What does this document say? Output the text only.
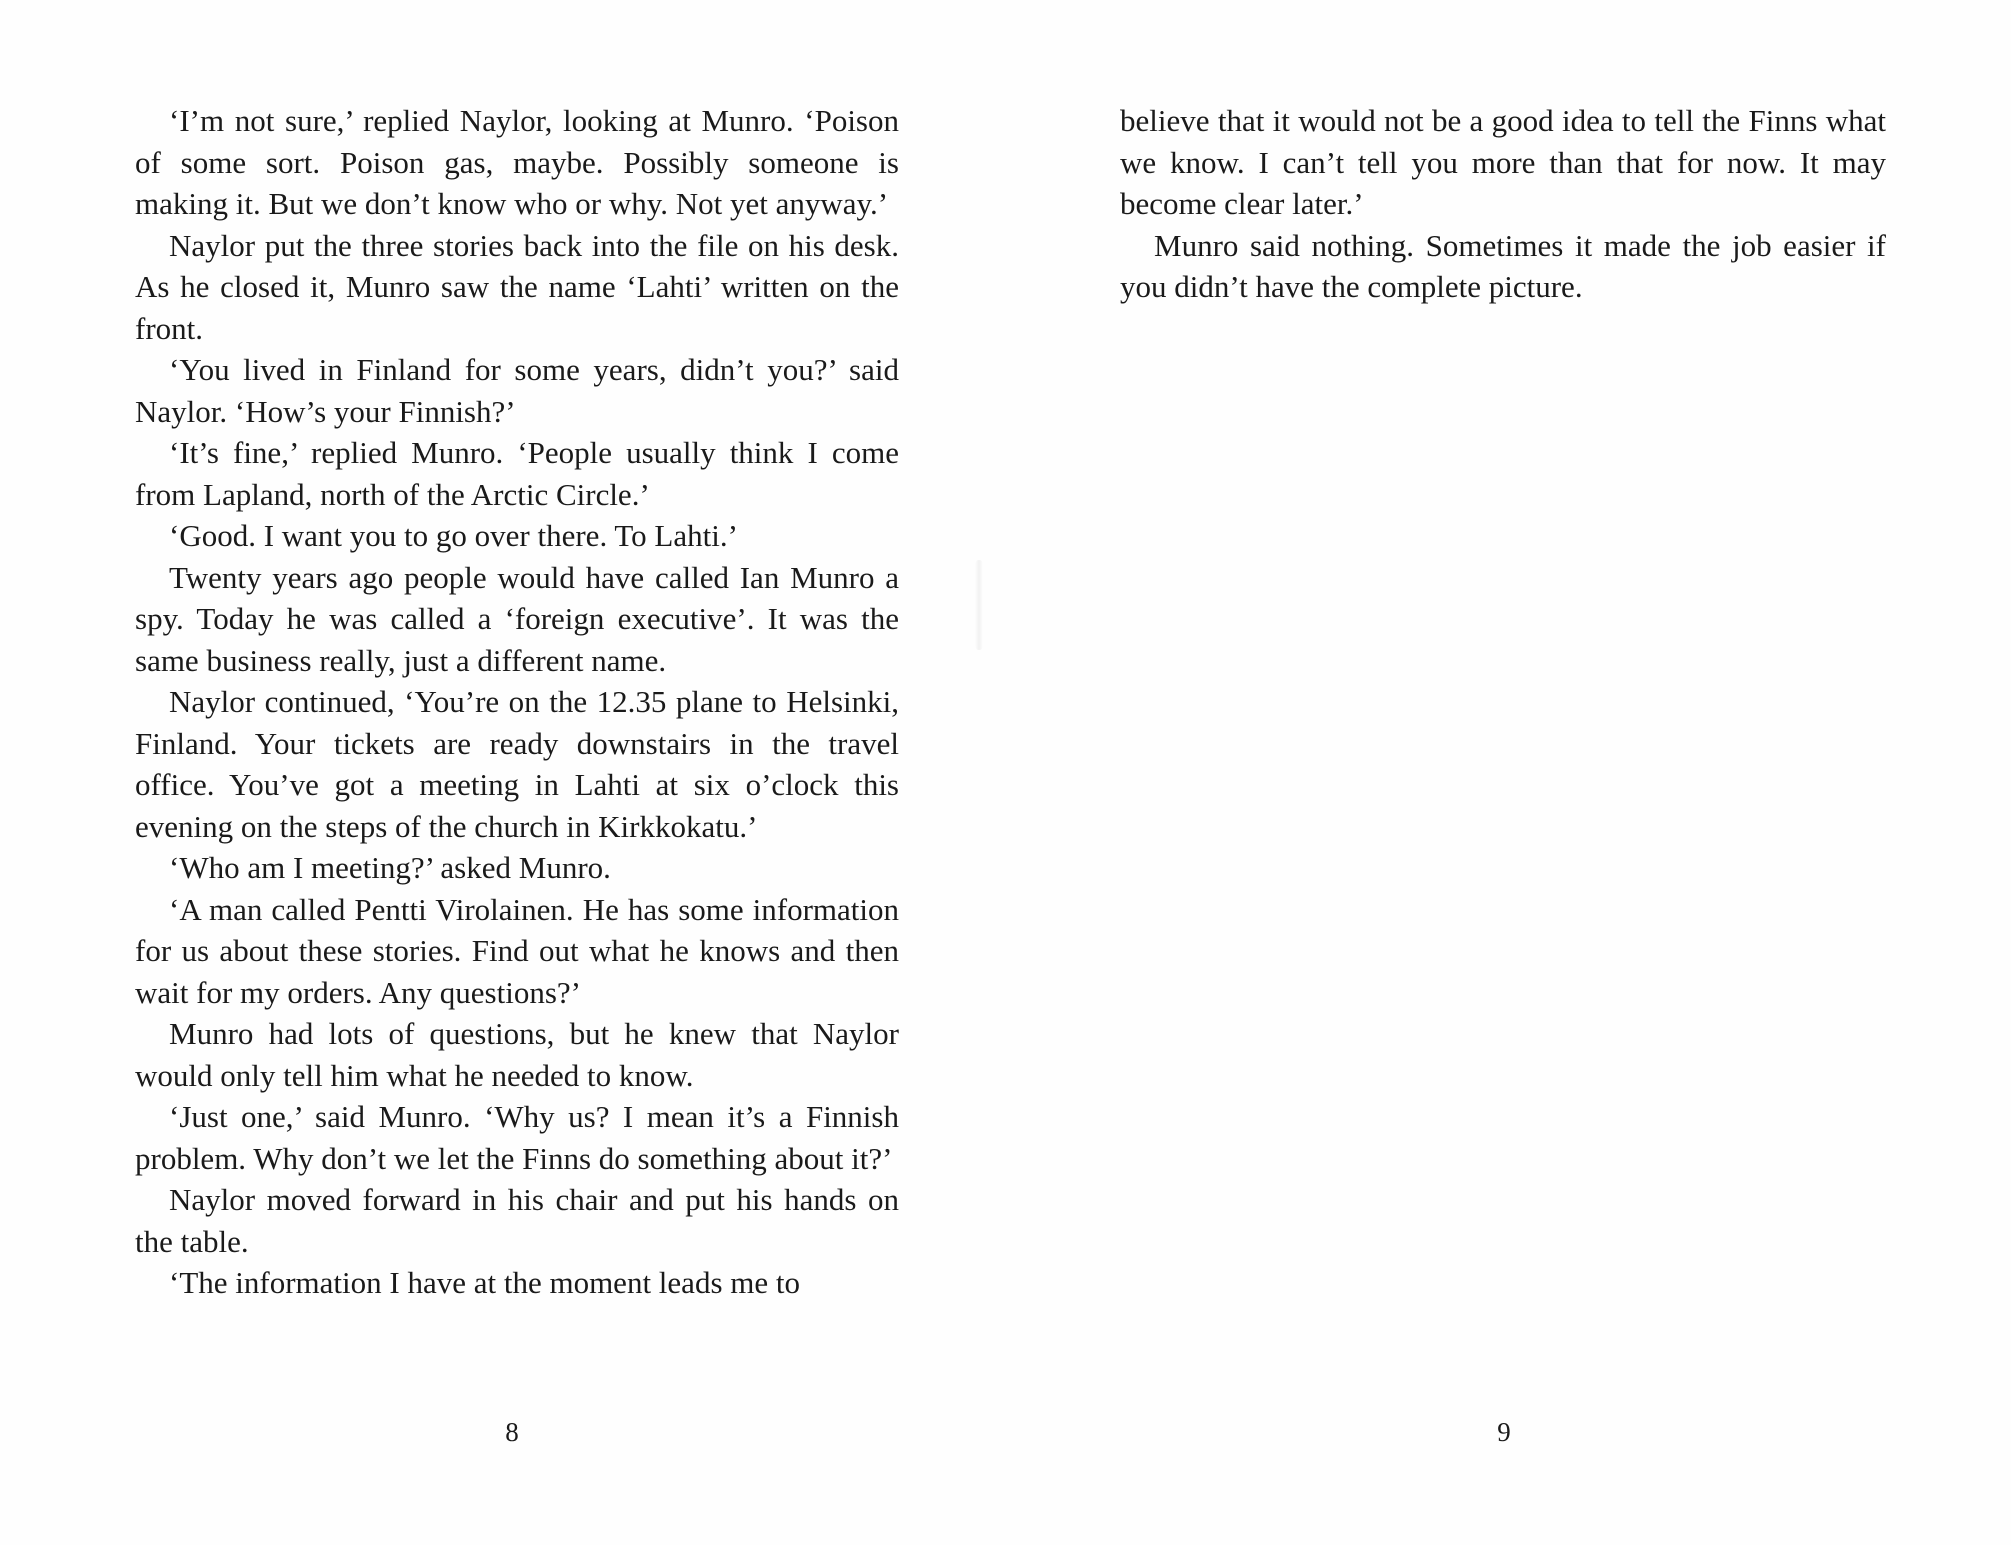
‘I’m not sure,’ replied Naylor, looking at Munro. ‘Poison of some sort. Poison gas, maybe. Possibly someone is making it. But we don’t know who or why. Not yet anyway.’

Naylor put the three stories back into the file on his desk. As he closed it, Munro saw the name ‘Lahti’ written on the front.

‘You lived in Finland for some years, didn’t you?’ said Naylor. ‘How’s your Finnish?’

‘It’s fine,’ replied Munro. ‘People usually think I come from Lapland, north of the Arctic Circle.’

‘Good. I want you to go over there. To Lahti.’

Twenty years ago people would have called Ian Munro a spy. Today he was called a ‘foreign executive’. It was the same business really, just a different name.

Naylor continued, ‘You’re on the 12.35 plane to Helsinki, Finland. Your tickets are ready downstairs in the travel office. You’ve got a meeting in Lahti at six o’clock this evening on the steps of the church in Kirkkokatu.’

‘Who am I meeting?’ asked Munro.

‘A man called Pentti Virolainen. He has some information for us about these stories. Find out what he knows and then wait for my orders. Any questions?’

Munro had lots of questions, but he knew that Naylor would only tell him what he needed to know.

‘Just one,’ said Munro. ‘Why us? I mean it’s a Finnish problem. Why don’t we let the Finns do something about it?’

Naylor moved forward in his chair and put his hands on the table.

‘The information I have at the moment leads me to

8

believe that it would not be a good idea to tell the Finns what we know. I can’t tell you more than that for now. It may become clear later.’

Munro said nothing. Sometimes it made the job easier if you didn’t have the complete picture.

9
